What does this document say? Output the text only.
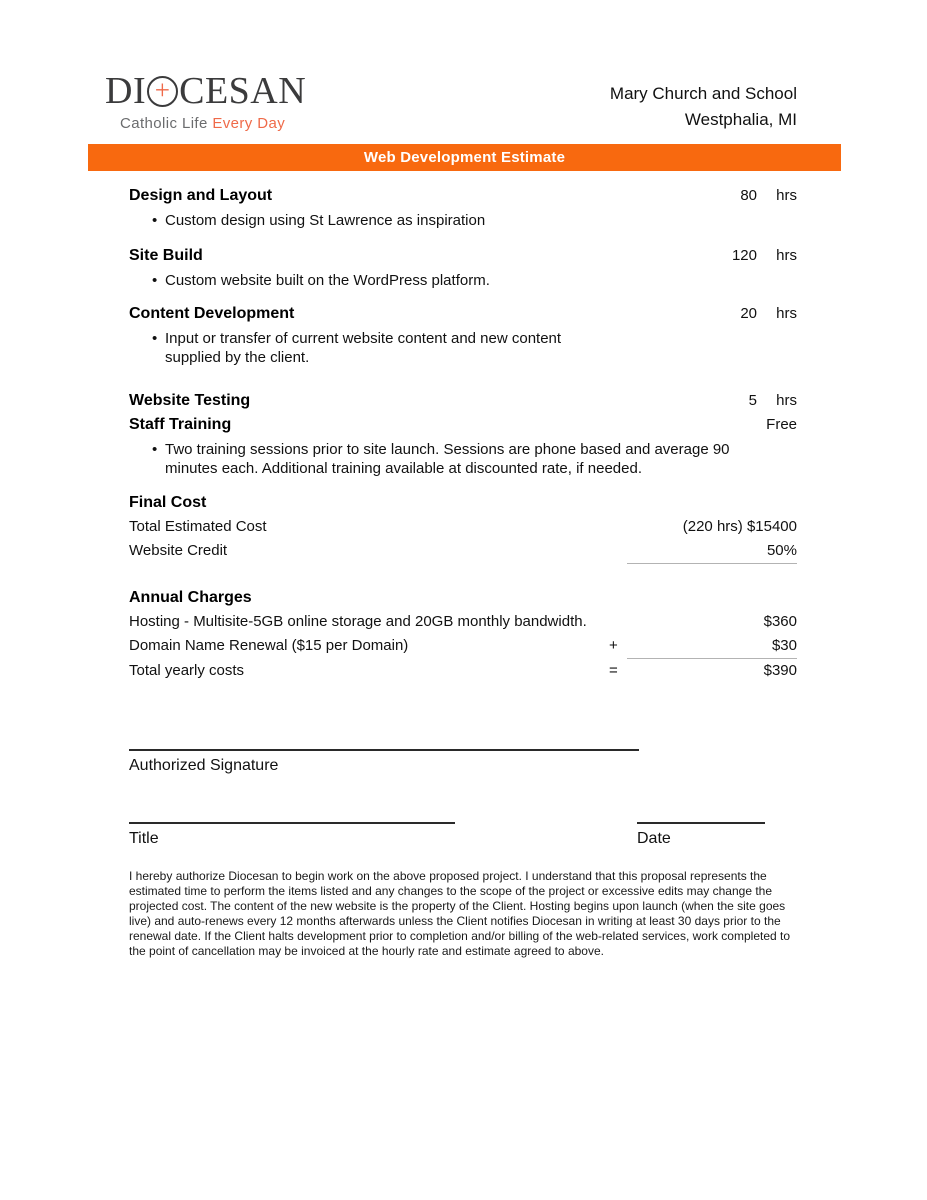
DI + CESAN
Catholic Life Every Day
Mary Church and School
Westphalia, MI
Web Development Estimate
Design and Layout	80	hrs
• Custom design using St Lawrence as inspiration
Site Build	120	hrs
• Custom website built on the WordPress platform.
Content Development	20	hrs
• Input or transfer of current website content and new content supplied by the client.
Website Testing	5	hrs
Staff Training	Free
• Two training sessions prior to site launch. Sessions are phone based and average 90 minutes each. Additional training available at discounted rate, if needed.
Final Cost
Total Estimated Cost	(220 hrs) $15400
Website Credit	50%
Annual Charges
Hosting - Multisite-5GB online storage and 20GB monthly bandwidth.	$360
Domain Name Renewal ($15 per Domain)	+	$30
Total yearly costs	=	$390
Authorized Signature
Title	Date
I hereby authorize Diocesan to begin work on the above proposed project. I understand that this proposal represents the estimated time to perform the items listed and any changes to the scope of the project or excessive edits may change the projected cost. The content of the new website is the property of the Client. Hosting begins upon launch (when the site goes live) and auto-renews every 12 months afterwards unless the Client notifies Diocesan in writing at least 30 days prior to the renewal date. If the Client halts development prior to completion and/or billing of the web-related services, work completed to the point of cancellation may be invoiced at the hourly rate and estimate agreed to above.
